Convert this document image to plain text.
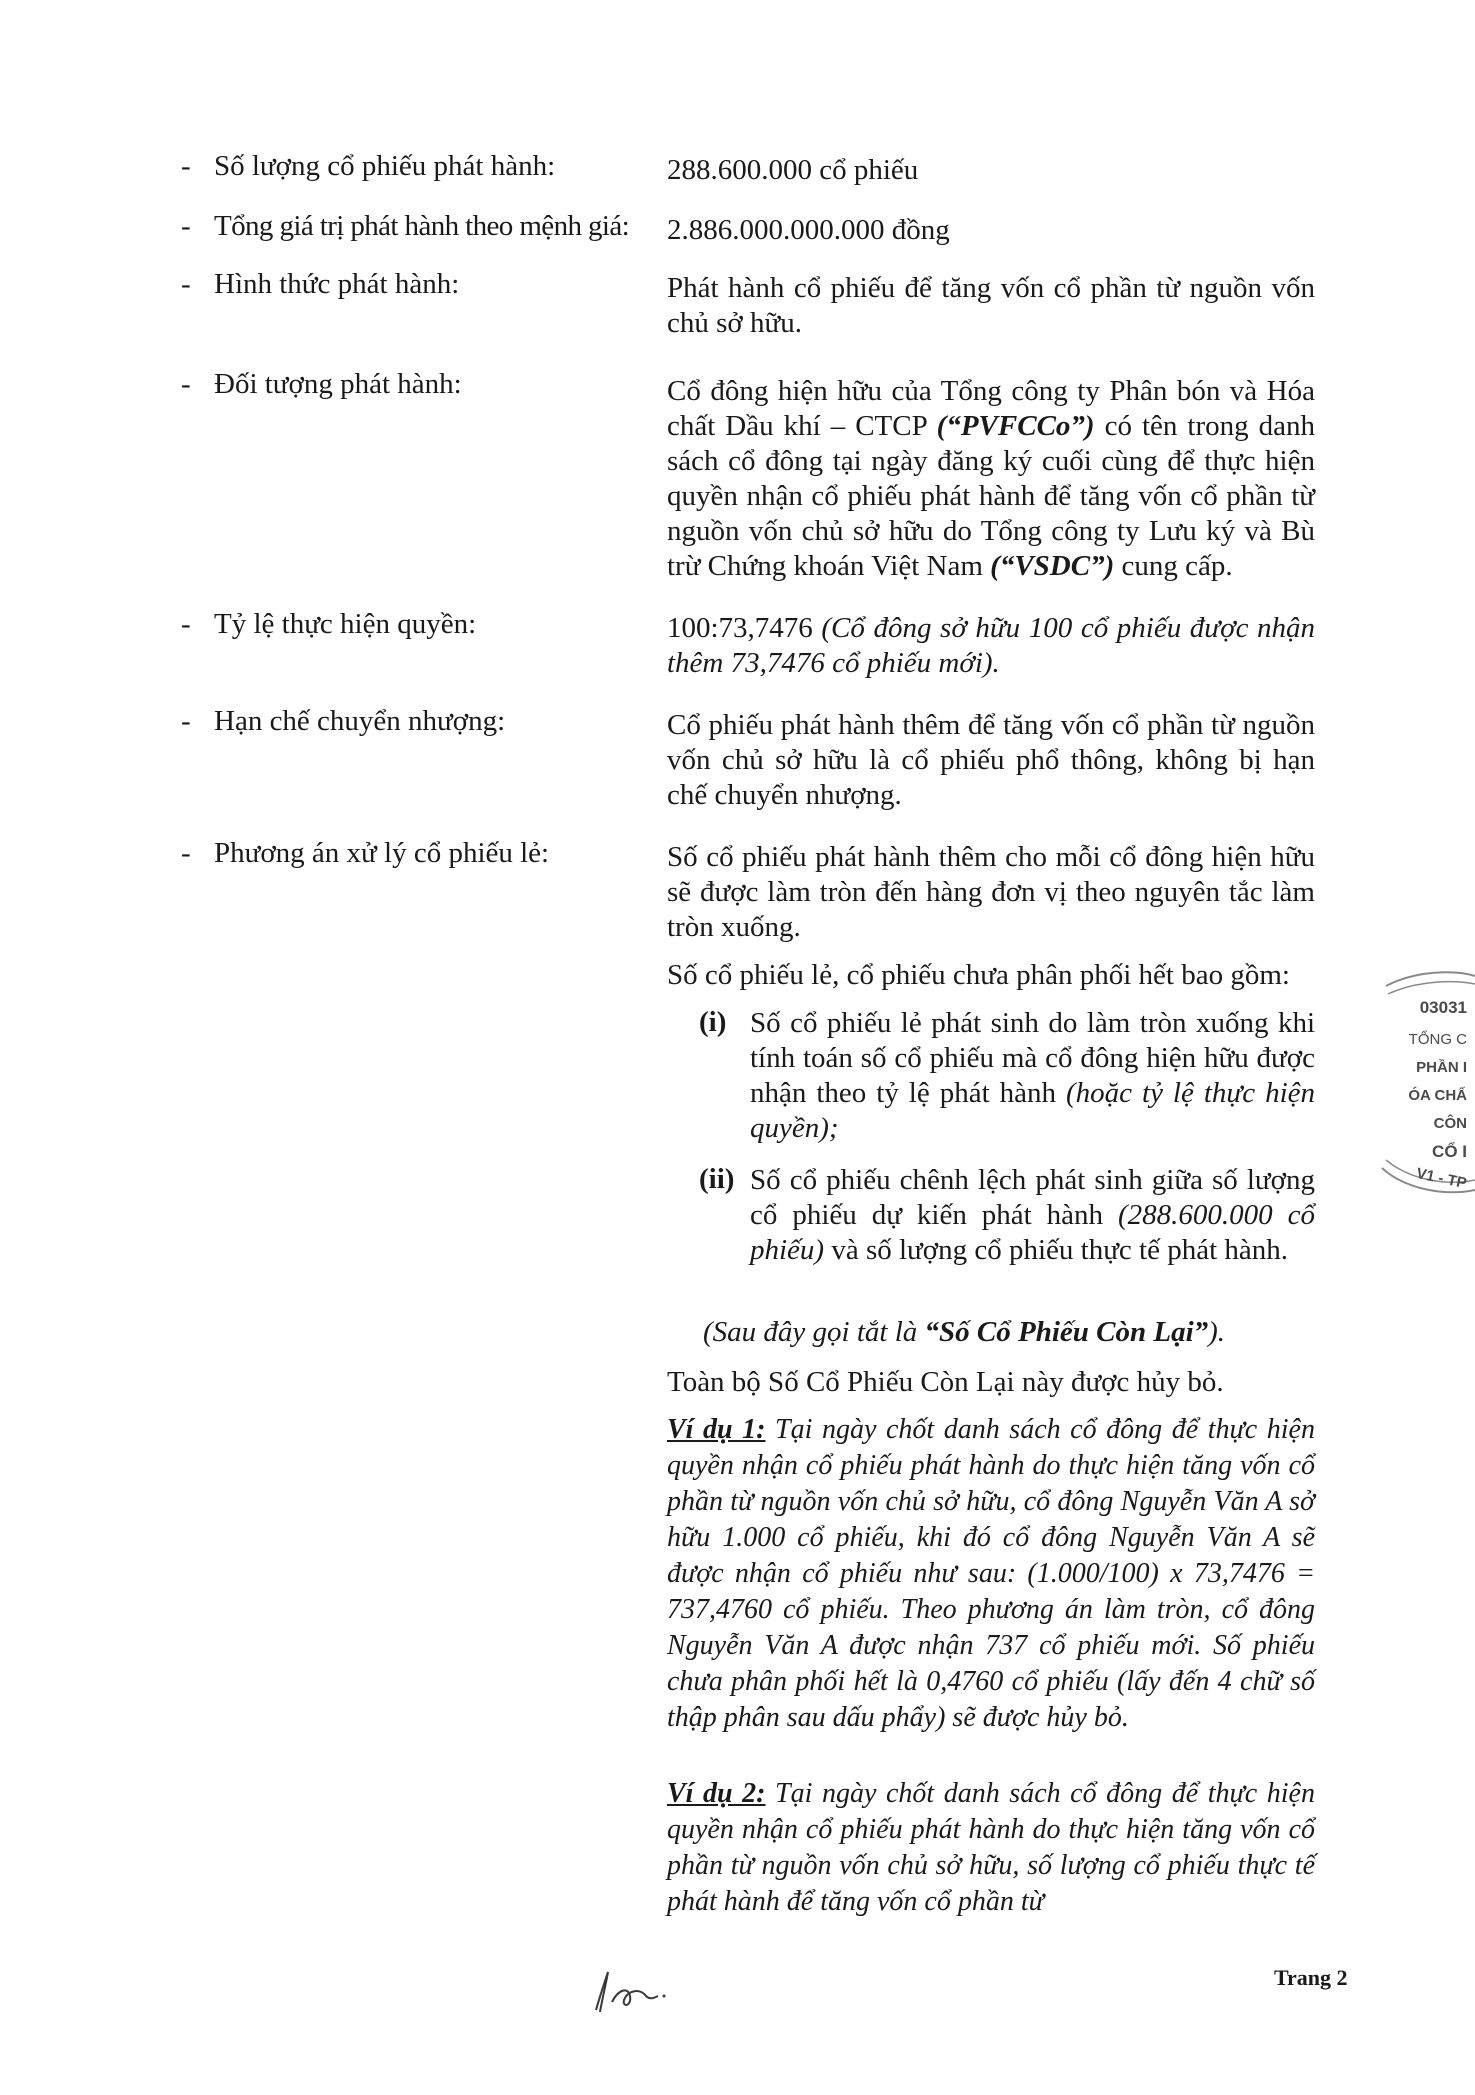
- Số lượng cổ phiếu phát hành:	288.600.000 cổ phiếu
- Tổng giá trị phát hành theo mệnh giá: 2.886.000.000.000 đồng
- Hình thức phát hành:	Phát hành cổ phiếu để tăng vốn cổ phần từ nguồn vốn chủ sở hữu.
- Đối tượng phát hành:	Cổ đông hiện hữu của Tổng công ty Phân bón và Hóa chất Dầu khí – CTCP (“PVFCCo”) có tên trong danh sách cổ đông tại ngày đăng ký cuối cùng để thực hiện quyền nhận cổ phiếu phát hành để tăng vốn cổ phần từ nguồn vốn chủ sở hữu do Tổng công ty Lưu ký và Bù trừ Chứng khoán Việt Nam (“VSDC”) cung cấp.
- Tỷ lệ thực hiện quyền:	100:73,7476 (Cổ đông sở hữu 100 cổ phiếu được nhận thêm 73,7476 cổ phiếu mới).
- Hạn chế chuyển nhượng:	Cổ phiếu phát hành thêm để tăng vốn cổ phần từ nguồn vốn chủ sở hữu là cổ phiếu phổ thông, không bị hạn chế chuyển nhượng.
- Phương án xử lý cổ phiếu lẻ:	Số cổ phiếu phát hành thêm cho mỗi cổ đông hiện hữu sẽ được làm tròn đến hàng đơn vị theo nguyên tắc làm tròn xuống.
Số cổ phiếu lẻ, cổ phiếu chưa phân phối hết bao gồm:
(i) Số cổ phiếu lẻ phát sinh do làm tròn xuống khi tính toán số cổ phiếu mà cổ đông hiện hữu được nhận theo tỷ lệ phát hành (hoặc tỷ lệ thực hiện quyền);
(ii) Số cổ phiếu chênh lệch phát sinh giữa số lượng cổ phiếu dự kiến phát hành (288.600.000 cổ phiếu) và số lượng cổ phiếu thực tế phát hành.
(Sau đây gọi tắt là “Số Cổ Phiếu Còn Lại”).
Toàn bộ Số Cổ Phiếu Còn Lại này được hủy bỏ.
Ví dụ 1: Tại ngày chốt danh sách cổ đông để thực hiện quyền nhận cổ phiếu phát hành do thực hiện tăng vốn cổ phần từ nguồn vốn chủ sở hữu, cổ đông Nguyễn Văn A sở hữu 1.000 cổ phiếu, khi đó cổ đông Nguyễn Văn A sẽ được nhận cổ phiếu như sau: (1.000/100) x 73,7476 = 737,4760 cổ phiếu. Theo phương án làm tròn, cổ đông Nguyễn Văn A được nhận 737 cổ phiếu mới. Số phiếu chưa phân phối hết là 0,4760 cổ phiếu (lấy đến 4 chữ số thập phân sau dấu phẩy) sẽ được hủy bỏ.
Ví dụ 2: Tại ngày chốt danh sách cổ đông để thực hiện quyền nhận cổ phiếu phát hành do thực hiện tăng vốn cổ phần từ nguồn vốn chủ sở hữu, số lượng cổ phiếu thực tế phát hành để tăng vốn cổ phần từ
03031
TỔNG C
PHẦN I
ÓA CHẤ
CÔN
CỔ I
V1 - TP
Trang 2
